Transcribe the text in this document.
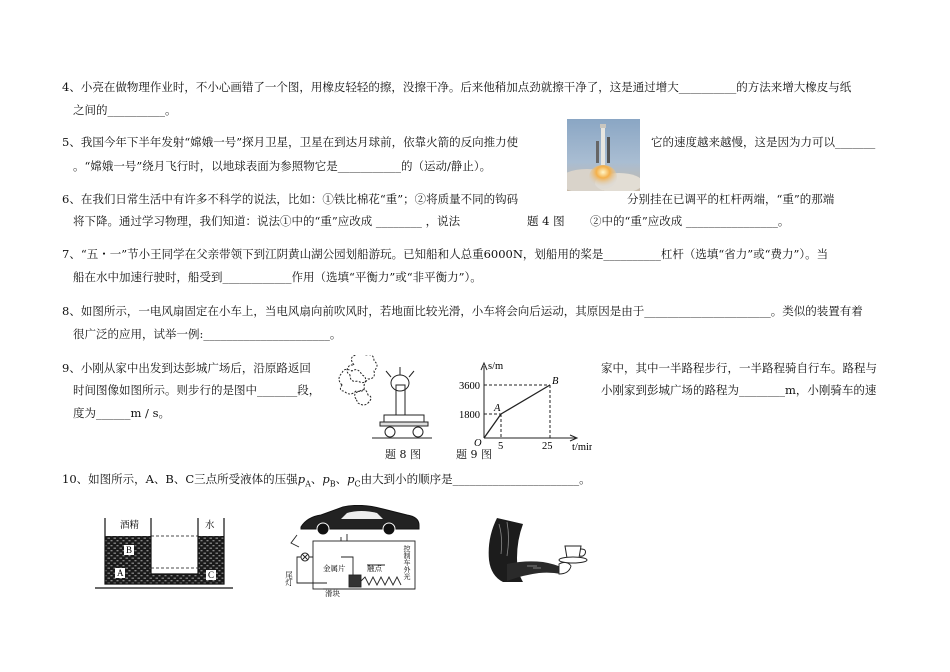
4、小亮在做物理作业时，不小心画错了一个图，用橡皮轻轻的擦，没擦干净。后来他稍加点劲就擦干净了，这是通过增大__________的方法来增大橡皮与纸
之间的__________。
5、我国今年下半年发射“嫦娥一号”探月卫星，卫星在到达月球前，依靠火箭的反向推力使	它的速度越来越慢，这是因为力可以_______
。“嫦娥一号”绕月飞行时，以地球表面为参照物它是___________的（运动/静止）。
6、在我们日常生活中有许多不科学的说法，比如：①铁比棉花“重”；②将质量不同的钩码	分别挂在已调平的杠杆两端，“重”的那端
将下降。通过学习物理，我们知道：说法①中的“重”应改成 ________ ，说法	题 4 图 ②中的“重”应改成 ________________。
7、“五・一”节小王同学在父亲带领下到江阴黄山湖公园划船游玩。已知船和人总重6000N，划船用的桨是__________杠杆（选填“省力”或“费力”）。当
船在水中加速行驶时，船受到____________作用（选填“平衡力”或“非平衡力”）。
8、如图所示，一电风扇固定在小车上，当电风扇向前吹风时，若地面比较光滑，小车将会向后运动，其原因是由于______________________。类似的装置有着
很广泛的应用，试举一例:______________________。
9、小刚从家中出发到达彭城广场后，沿原路返回	家中，其中一半路程步行，一半路程骑自行车。路程与
时间图像如图所示。则步行的是图中_______段，	小刚家到彭城广场的路程为________m，小刚骑车的速
度为______m / s。
题 8 图
s/m
t/min
3600
1800
5	25
O
A
B
题 9 图
10、如图所示，A、B、C三点所受液体的压强$p_A$、$p_B$、$p_C$由大到小的顺序是______________________。
酒精	水
B
A	C	尾灯
金属片	触点
滑块
控制车外光
